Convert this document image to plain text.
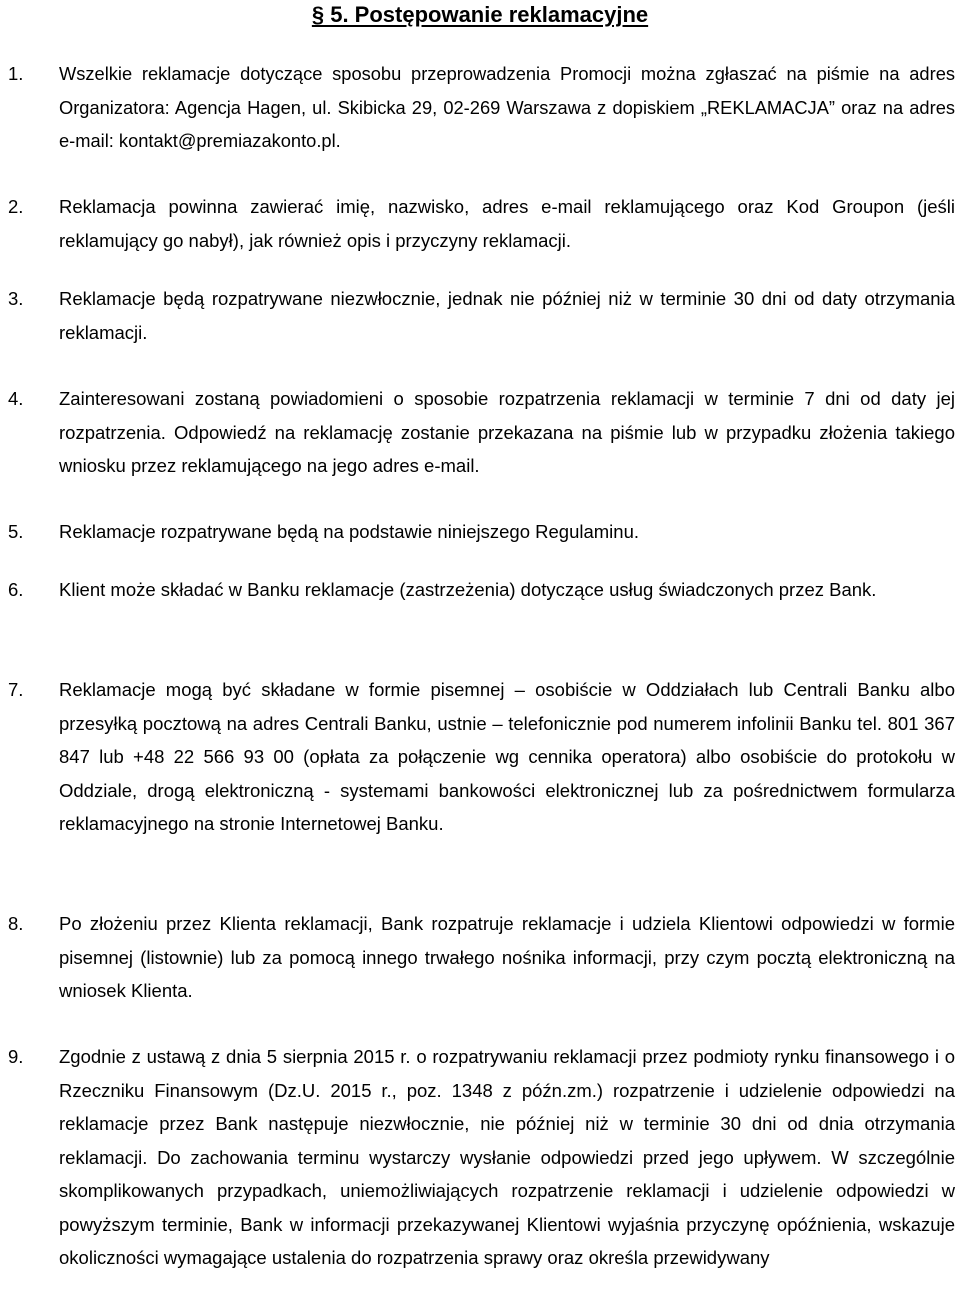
§ 5. Postępowanie reklamacyjne
1. Wszelkie reklamacje dotyczące sposobu przeprowadzenia Promocji można zgłaszać na piśmie na adres Organizatora: Agencja Hagen, ul. Skibicka 29, 02-269 Warszawa z dopiskiem „REKLAMACJA” oraz na adres e-mail: kontakt@premiazakonto.pl.

2. Reklamacja powinna zawierać imię, nazwisko, adres e-mail reklamującego oraz Kod Groupon (jeśli reklamujący go nabył), jak również opis i przyczyny reklamacji.

3. Reklamacje będą rozpatrywane niezwłocznie, jednak nie później niż w terminie 30 dni od daty otrzymania reklamacji.

4. Zainteresowani zostaną powiadomieni o sposobie rozpatrzenia reklamacji w terminie 7 dni od daty jej rozpatrzenia. Odpowiedź na reklamację zostanie przekazana na piśmie lub w przypadku złożenia takiego wniosku przez reklamującego na jego adres e-mail.

5. Reklamacje rozpatrywane będą na podstawie niniejszego Regulaminu.

6. Klient może składać w Banku reklamacje (zastrzeżenia) dotyczące usług świadczonych przez Bank.

7. Reklamacje mogą być składane w formie pisemnej – osobiście w Oddziałach lub Centrali Banku albo przesyłką pocztową na adres Centrali Banku, ustnie – telefonicznie pod numerem infolinii Banku tel. 801 367 847 lub +48 22 566 93 00 (opłata za połączenie wg cennika operatora) albo osobiście do protokołu w Oddziale, drogą elektroniczną - systemami bankowości elektronicznej lub za pośrednictwem formularza reklamacyjnego na stronie Internetowej Banku.

8. Po złożeniu przez Klienta reklamacji, Bank rozpatruje reklamacje i udziela Klientowi odpowiedzi w formie pisemnej (listownie) lub za pomocą innego trwałego nośnika informacji, przy czym pocztą elektroniczną na wniosek Klienta.

9. Zgodnie z ustawą z dnia 5 sierpnia 2015 r. o rozpatrywaniu reklamacji przez podmioty rynku finansowego i o Rzeczniku Finansowym (Dz.U. 2015 r., poz. 1348 z późn.zm.) rozpatrzenie i udzielenie odpowiedzi na reklamacje przez Bank następuje niezwłocznie, nie później niż w terminie 30 dni od dnia otrzymania reklamacji. Do zachowania terminu wystarczy wysłanie odpowiedzi przed jego upływem. W szczególnie skomplikowanych przypadkach, uniemożliwiających rozpatrzenie reklamacji i udzielenie odpowiedzi w powyższym terminie, Bank w informacji przekazywanej Klientowi wyjaśnia przyczynę opóźnienia, wskazuje okoliczności wymagające ustalenia do rozpatrzenia sprawy oraz określa przewidywany
